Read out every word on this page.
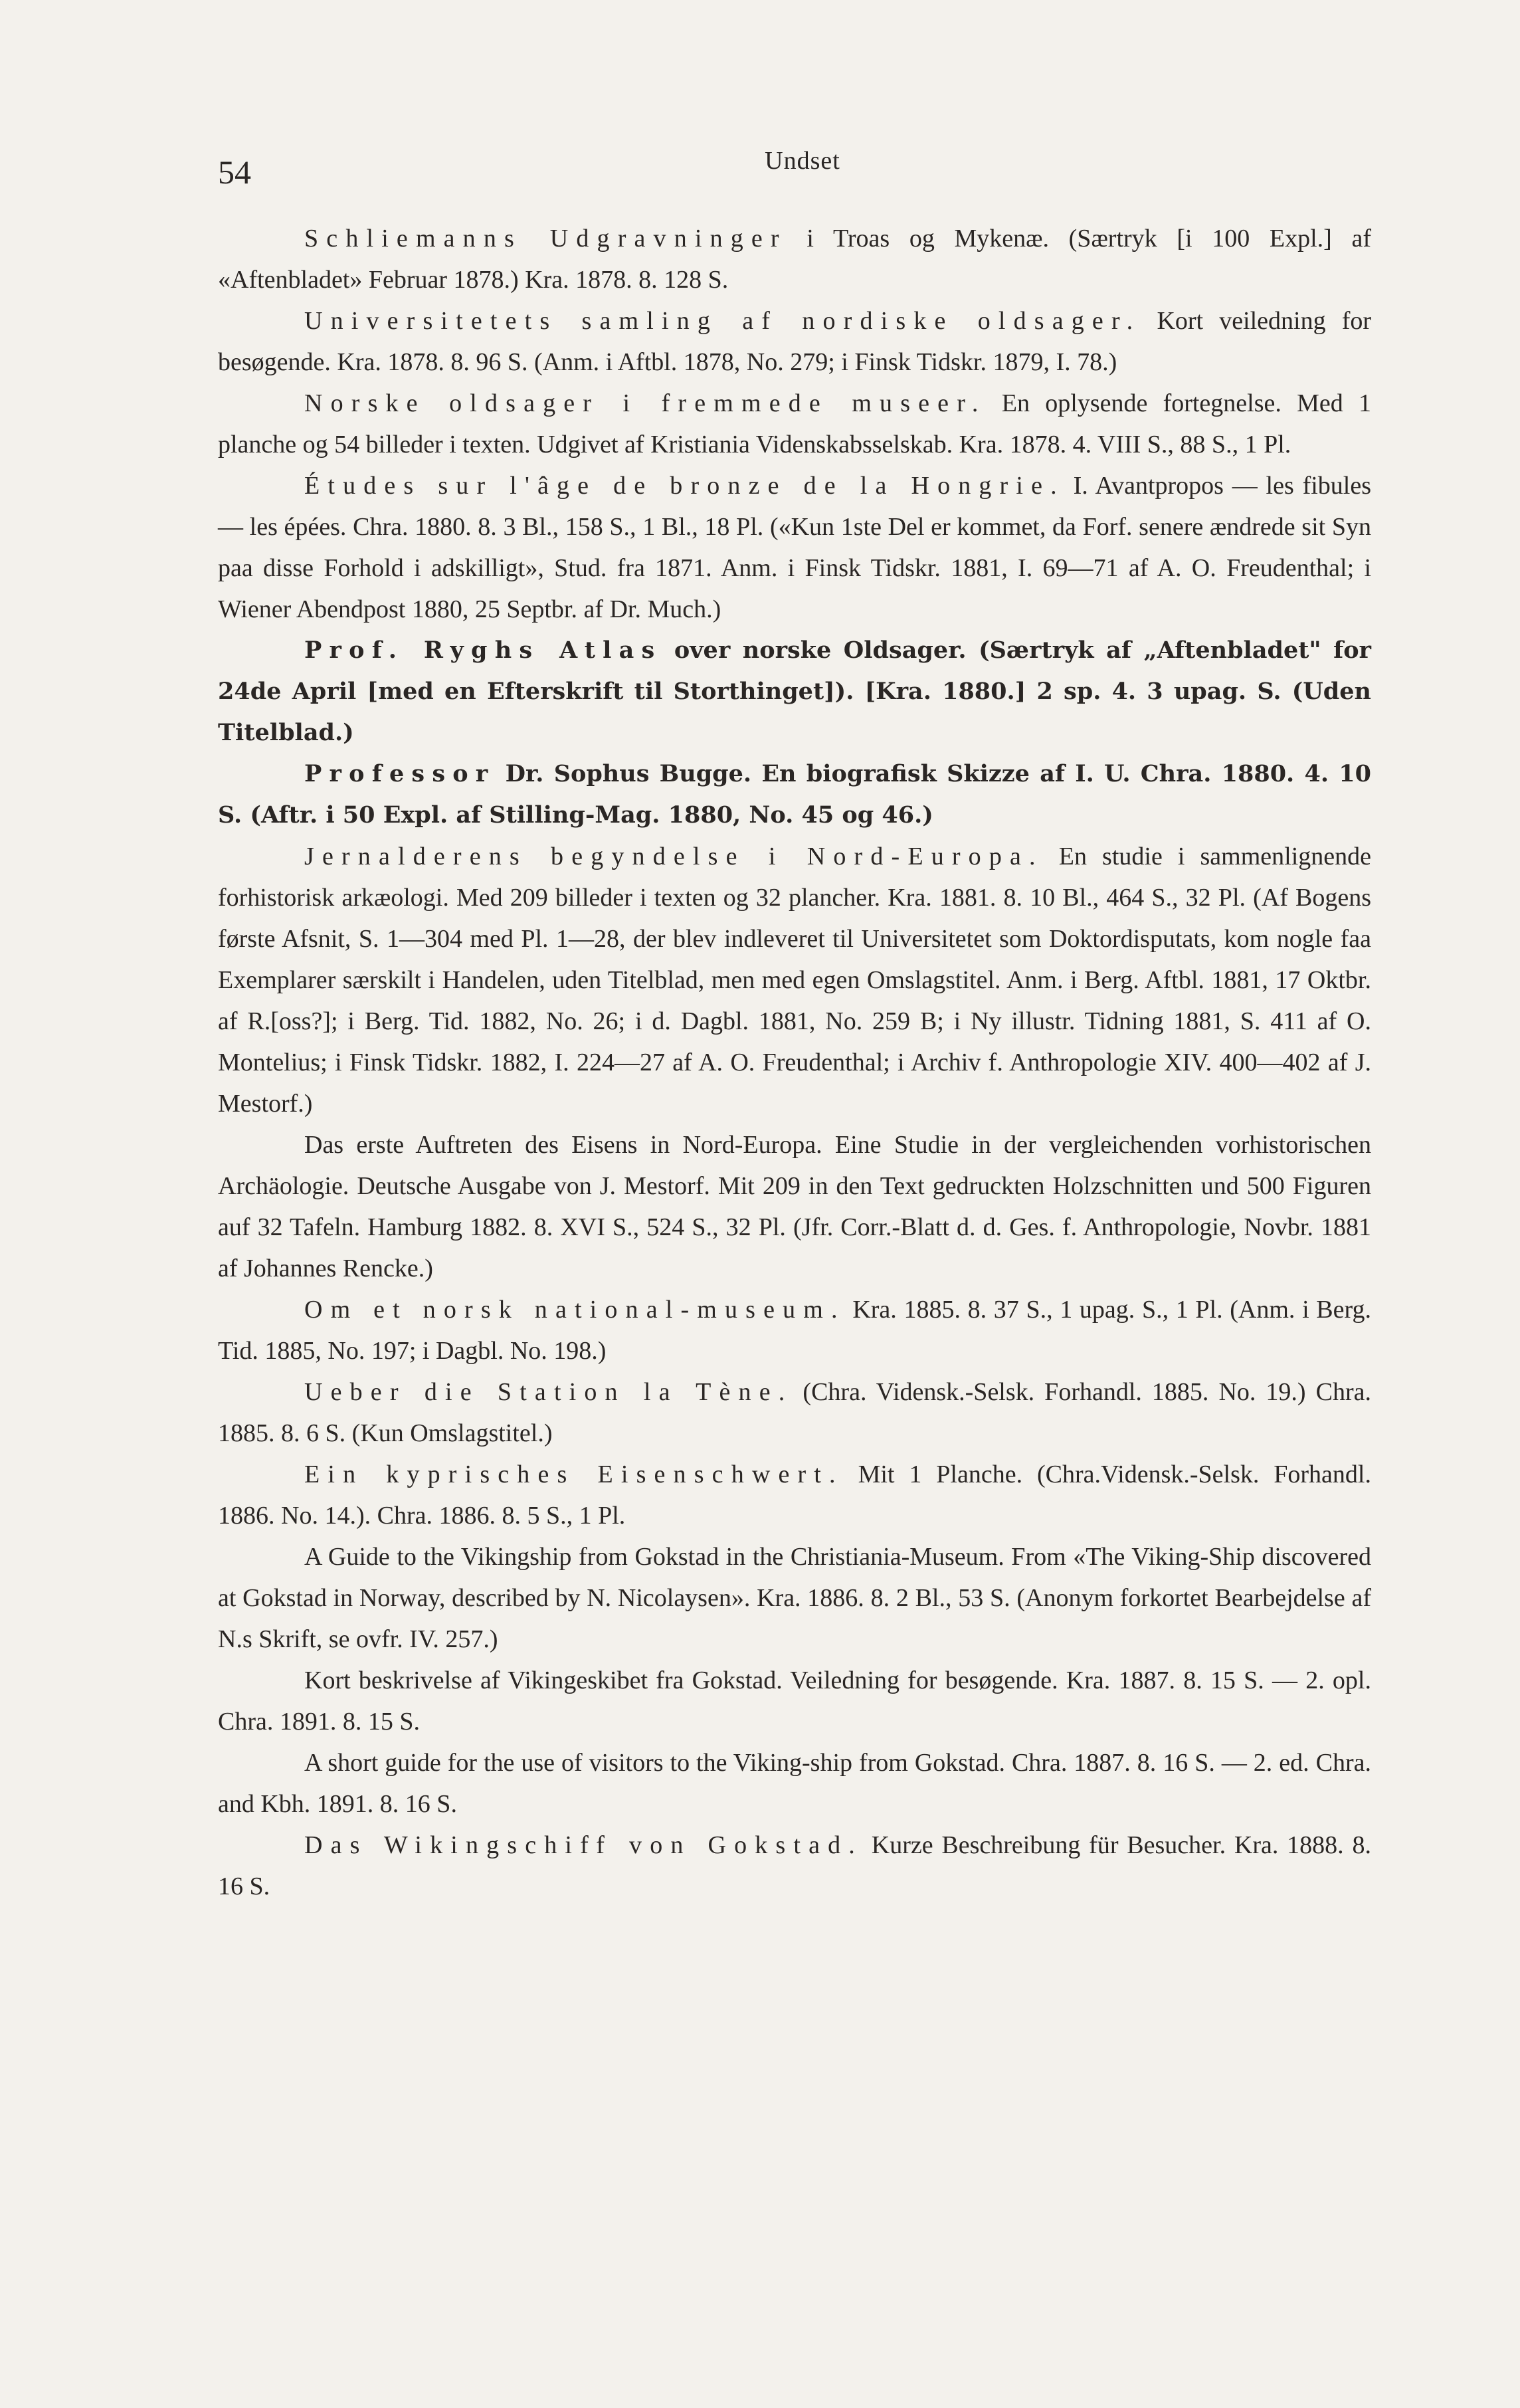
54	Undset

Schliemanns Udgravninger i Troas og Mykenæ. (Særtryk [i 100 Expl.] af «Aftenbladet» Februar 1878.) Kra. 1878. 8. 128 S.

Universitetets samling af nordiske oldsager. Kort veiledning for besøgende. Kra. 1878. 8. 96 S. (Anm. i Aftbl. 1878, No. 279; i Finsk Tidskr. 1879, I. 78.)

Norske oldsager i fremmede museer. En oplysende fortegnelse. Med 1 planche og 54 billeder i texten. Udgivet af Kristiania Videnskabsselskab. Kra. 1878. 4. VIII S., 88 S., 1 Pl.

Études sur l'âge de bronze de la Hongrie. I. Avantpropos — les fibules — les épées. Chra. 1880. 8. 3 Bl., 158 S., 1 Bl., 18 Pl. («Kun 1ste Del er kommet, da Forf. senere ændrede sit Syn paa disse Forhold i adskilligt», Stud. fra 1871. Anm. i Finsk Tidskr. 1881, I. 69—71 af A. O. Freudenthal; i Wiener Abendpost 1880, 25 Septbr. af Dr. Much.)

Prof. Ryghs Atlas over norske Oldsager. (Særtryk af „Aftenbladet" for 24de April [med en Efterskrift til Storthinget]). [Kra. 1880.] 2 sp. 4. 3 upag. S. (Uden Titelblad.)

Professor Dr. Sophus Bugge. En biografisk Skizze af I. U. Chra. 1880. 4. 10 S. (Aftr. i 50 Expl. af Stilling-Mag. 1880, No. 45 og 46.)

Jernalderens begyndelse i Nord-Europa. En studie i sammenlignende forhistorisk arkæologi. Med 209 billeder i texten og 32 plancher. Kra. 1881. 8. 10 Bl., 464 S., 32 Pl. (Af Bogens første Afsnit, S. 1—304 med Pl. 1—28, der blev indleveret til Universitetet som Doktordisputats, kom nogle faa Exemplarer særskilt i Handelen, uden Titelblad, men med egen Omslagstitel. Anm. i Berg. Aftbl. 1881, 17 Oktbr. af R.[oss?]; i Berg. Tid. 1882, No. 26; i d. Dagbl. 1881, No. 259 B; i Ny illustr. Tidning 1881, S. 411 af O. Montelius; i Finsk Tidskr. 1882, I. 224—27 af A. O. Freudenthal; i Archiv f. Anthropologie XIV. 400—402 af J. Mestorf.)

Das erste Auftreten des Eisens in Nord-Europa. Eine Studie in der vergleichenden vorhistorischen Archäologie. Deutsche Ausgabe von J. Mestorf. Mit 209 in den Text gedruckten Holzschnitten und 500 Figuren auf 32 Tafeln. Hamburg 1882. 8. XVI S., 524 S., 32 Pl. (Jfr. Corr.-Blatt d. d. Ges. f. Anthropologie, Novbr. 1881 af Johannes Rencke.)

Om et norsk national-museum. Kra. 1885. 8. 37 S., 1 upag. S., 1 Pl. (Anm. i Berg. Tid. 1885, No. 197; i Dagbl. No. 198.)

Ueber die Station la Tène. (Chra. Vidensk.-Selsk. Forhandl. 1885. No. 19.) Chra. 1885. 8. 6 S. (Kun Omslagstitel.)

Ein kyprisches Eisenschwert. Mit 1 Planche. (Chra.Vidensk.-Selsk. Forhandl. 1886. No. 14.). Chra. 1886. 8. 5 S., 1 Pl.

A Guide to the Vikingship from Gokstad in the Christiania-Museum. From «The Viking-Ship discovered at Gokstad in Norway, described by N. Nicolaysen». Kra. 1886. 8. 2 Bl., 53 S. (Anonym forkortet Bearbejdelse af N.s Skrift, se ovfr. IV. 257.)

Kort beskrivelse af Vikingeskibet fra Gokstad. Veiledning for besøgende. Kra. 1887. 8. 15 S. — 2. opl. Chra. 1891. 8. 15 S.

A short guide for the use of visitors to the Viking-ship from Gokstad. Chra. 1887. 8. 16 S. — 2. ed. Chra. and Kbh. 1891. 8. 16 S.

Das Wikingschiff von Gokstad. Kurze Beschreibung für Besucher. Kra. 1888. 8. 16 S.
